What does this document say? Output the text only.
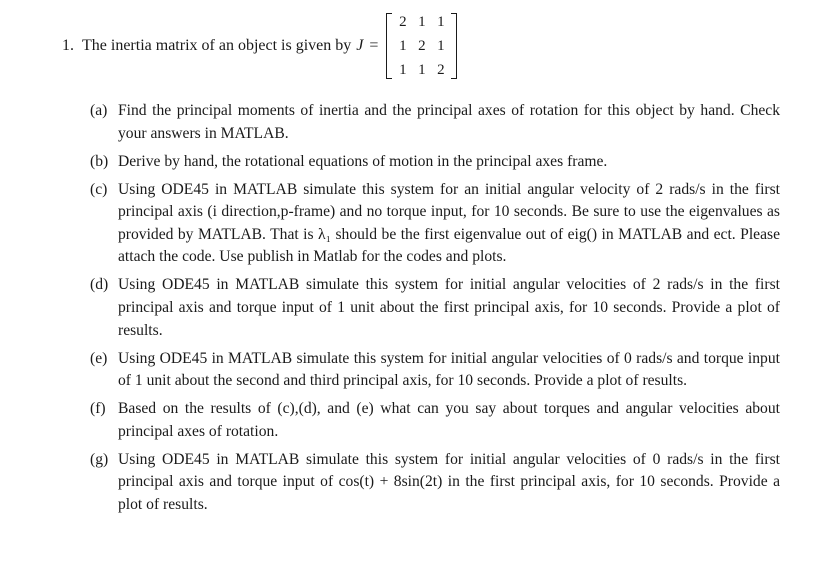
1. The inertia matrix of an object is given by J =
2 1 1
1 2 1
1 1 2
(a) Find the principal moments of inertia and the principal axes of rotation for this object by hand. Check your answers in MATLAB.
(b) Derive by hand, the rotational equations of motion in the principal axes frame.
(c) Using ODE45 in MATLAB simulate this system for an initial angular velocity of 2 rads/s in the first principal axis (i direction,p-frame) and no torque input, for 10 seconds. Be sure to use the eigenvalues as provided by MATLAB. That is λ₁ should be the first eigenvalue out of eig() in MATLAB and ect. Please attach the code. Use publish in Matlab for the codes and plots.
(d) Using ODE45 in MATLAB simulate this system for initial angular velocities of 2 rads/s in the first principal axis and torque input of 1 unit about the first principal axis, for 10 seconds. Provide a plot of results.
(e) Using ODE45 in MATLAB simulate this system for initial angular velocities of 0 rads/s and torque input of 1 unit about the second and third principal axis, for 10 seconds. Provide a plot of results.
(f) Based on the results of (c),(d), and (e) what can you say about torques and angular velocities about principal axes of rotation.
(g) Using ODE45 in MATLAB simulate this system for initial angular velocities of 0 rads/s in the first principal axis and torque input of cos(t) + 8sin(2t) in the first principal axis, for 10 seconds. Provide a plot of results.
